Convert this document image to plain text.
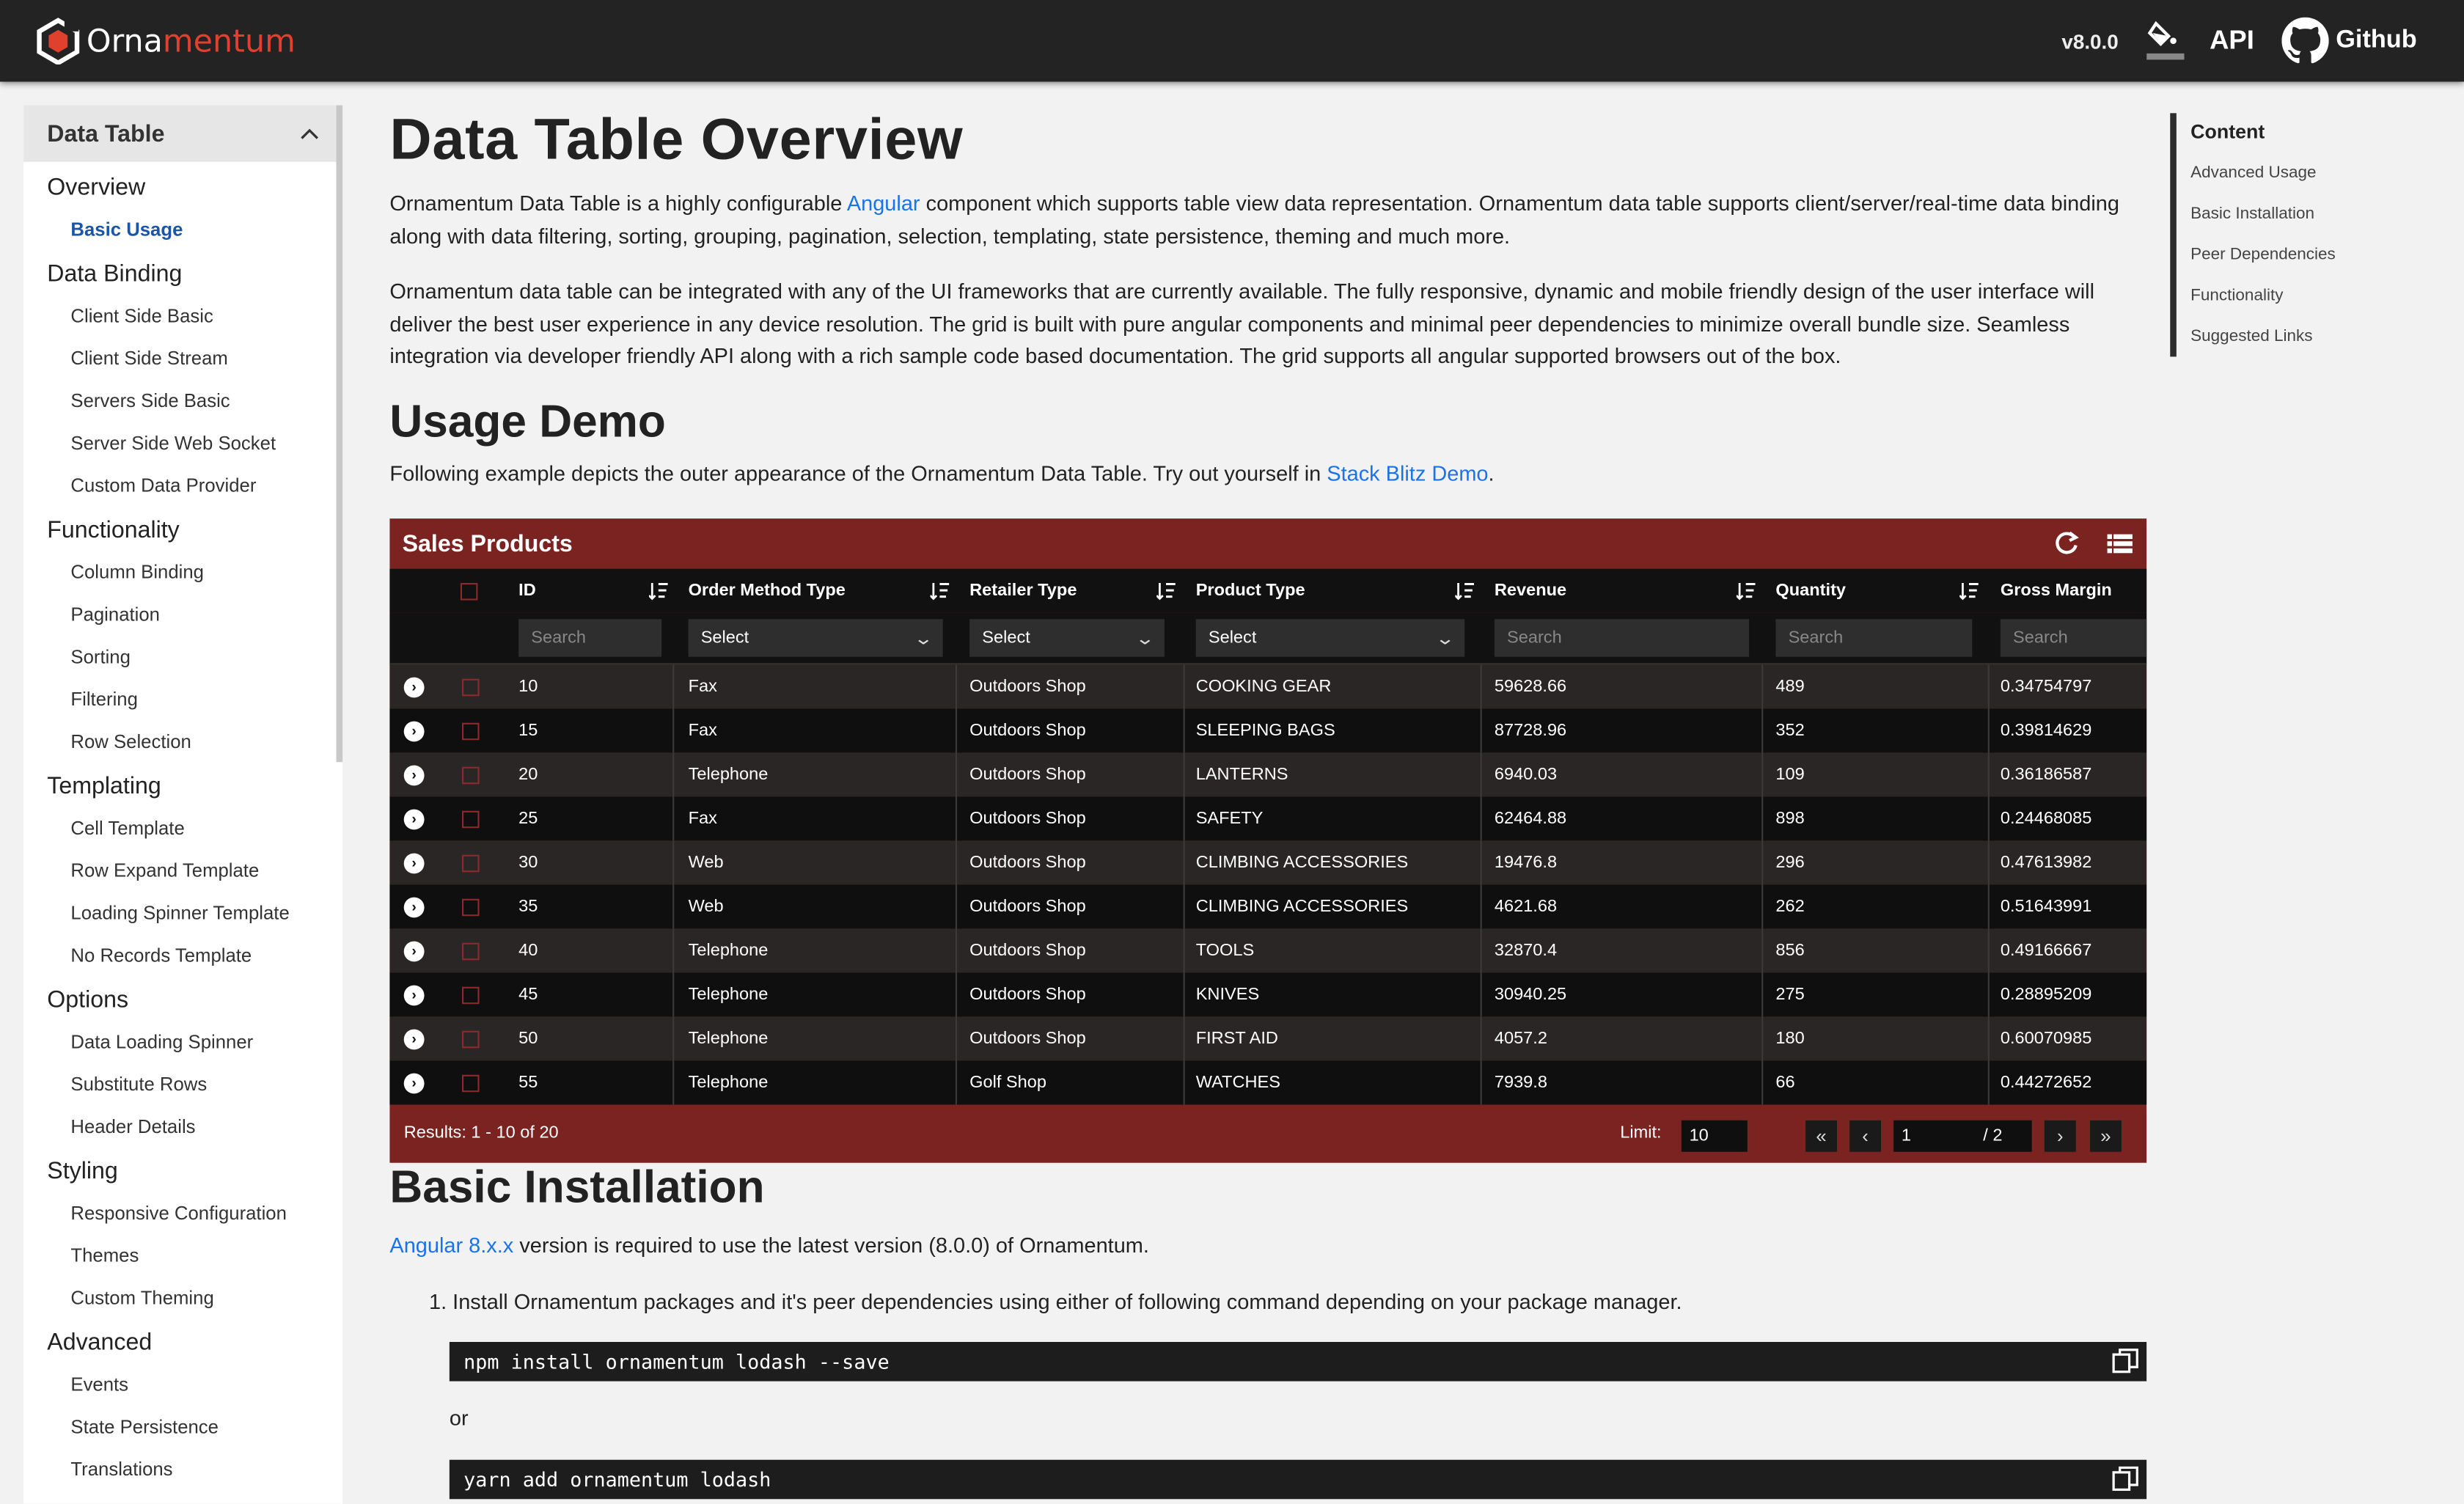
Ornamentum	v8.0.0	API	Github
Data Table
Overview
Basic Usage
Data Binding
Client Side Basic
Client Side Stream
Servers Side Basic
Server Side Web Socket
Custom Data Provider
Functionality
Column Binding
Pagination
Sorting
Filtering
Row Selection
Templating
Cell Template
Row Expand Template
Loading Spinner Template
No Records Template
Options
Data Loading Spinner
Substitute Rows
Header Details
Styling
Responsive Configuration
Themes
Custom Theming
Advanced
Events
State Persistence
Translations
Data Table Overview

Ornamentum Data Table is a highly configurable Angular component which supports table view data representation. Ornamentum data table supports client/server/real-time data binding along with data filtering, sorting, grouping, pagination, selection, templating, state persistence, theming and much more.

Ornamentum data table can be integrated with any of the UI frameworks that are currently available. The fully responsive, dynamic and mobile friendly design of the user interface will deliver the best user experience in any device resolution. The grid is built with pure angular components and minimal peer dependencies to minimize overall bundle size. Seamless integration via developer friendly API along with a rich sample code based documentation. The grid supports all angular supported browsers out of the box.

Usage Demo

Following example depicts the outer appearance of the Ornamentum Data Table. Try out yourself in Stack Blitz Demo.

Sales Products
ID	Order Method Type	Retailer Type	Product Type	Revenue	Quantity	Gross Margin
Search	Select	⌄	Select	⌄	Select	⌄	Search	Search	Search
›	10	Fax	Outdoors Shop	COOKING GEAR	59628.66	489	0.34754797
›	15	Fax	Outdoors Shop	SLEEPING BAGS	87728.96	352	0.39814629
›	20	Telephone	Outdoors Shop	LANTERNS	6940.03	109	0.36186587
›	25	Fax	Outdoors Shop	SAFETY	62464.88	898	0.24468085
›	30	Web	Outdoors Shop	CLIMBING ACCESSORIES	19476.8	296	0.47613982
›	35	Web	Outdoors Shop	CLIMBING ACCESSORIES	4621.68	262	0.51643991
›	40	Telephone	Outdoors Shop	TOOLS	32870.4	856	0.49166667
›	45	Telephone	Outdoors Shop	KNIVES	30940.25	275	0.28895209
›	50	Telephone	Outdoors Shop	FIRST AID	4057.2	180	0.60070985
›	55	Telephone	Golf Shop	WATCHES	7939.8	66	0.44272652
Results: 1 - 10 of 20	Limit:	10	«	‹	1	/ 2	›	»
Basic Installation

Angular 8.x.x version is required to use the latest version (8.0.0) of Ornamentum.

1. Install Ornamentum packages and it's peer dependencies using either of following command depending on your package manager.

npm install ornamentum lodash --save
or
yarn add ornamentum lodash
Content
Advanced Usage
Basic Installation
Peer Dependencies
Functionality
Suggested Links
